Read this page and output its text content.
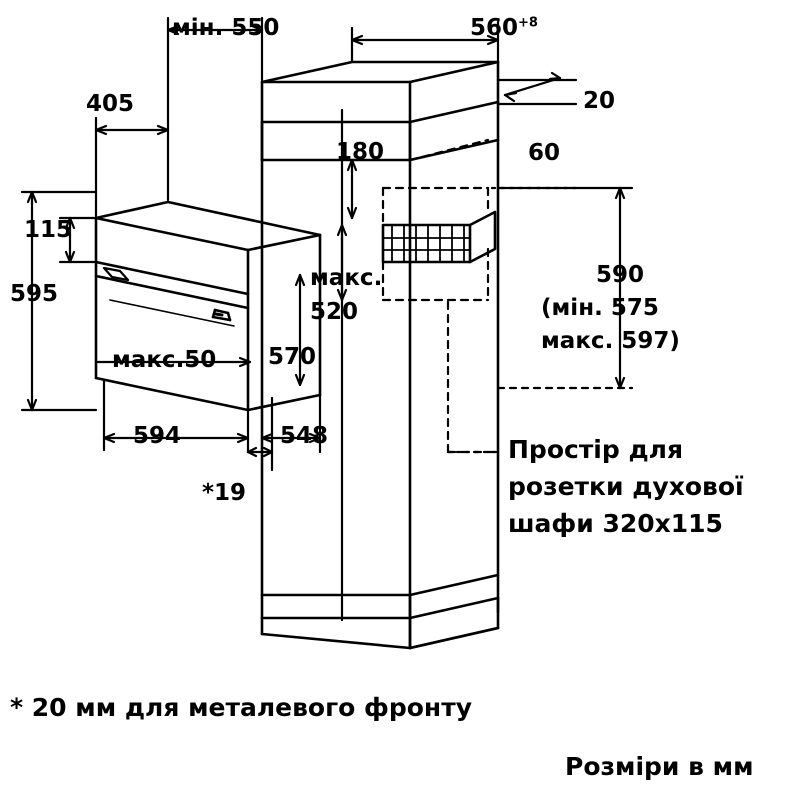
мін. 550	$560^{+8}$
405	20
180	60
115
595
макс.
520
590
(мін. 575
макс. 597)
макс.50 570
594	548
*19
Простір для
розетки духової
шафи 320x115
* 20 мм для металевого фронту
Розміри в мм
